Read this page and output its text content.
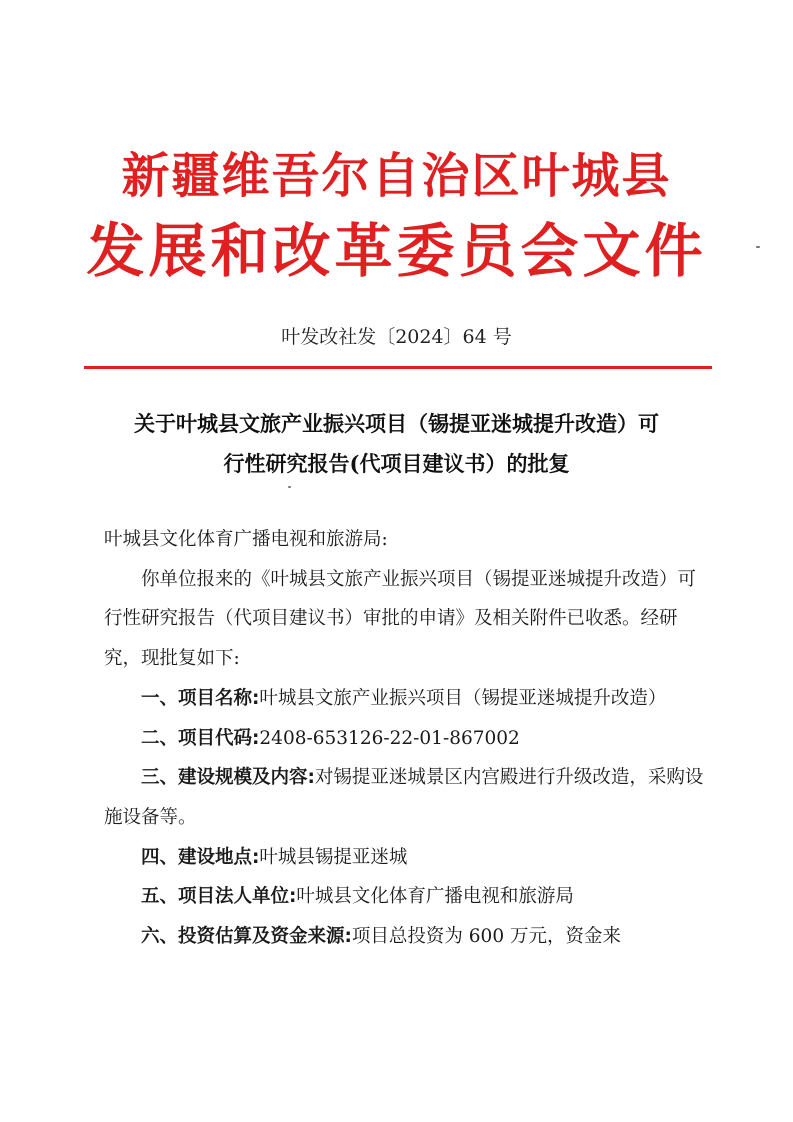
新疆维吾尔自治区叶城县
发展和改革委员会文件
叶发改社发〔2024〕64 号
关于叶城县文旅产业振兴项目（锡提亚迷城提升改造）可
行性研究报告(代项目建议书）的批复

叶城县文化体育广播电视和旅游局:

你单位报来的《叶城县文旅产业振兴项目（锡提亚迷城提升改造）可行性研究报告（代项目建议书）审批的申请》及相关附件已收悉。经研究，现批复如下:

一、项目名称:叶城县文旅产业振兴项目（锡提亚迷城提升改造）

二、项目代码:2408-653126-22-01-867002

三、建设规模及内容:对锡提亚迷城景区内宫殿进行升级改造，采购设施设备等。

四、建设地点:叶城县锡提亚迷城

五、项目法人单位:叶城县文化体育广播电视和旅游局

六、投资估算及资金来源:项目总投资为 600 万元，资金来
